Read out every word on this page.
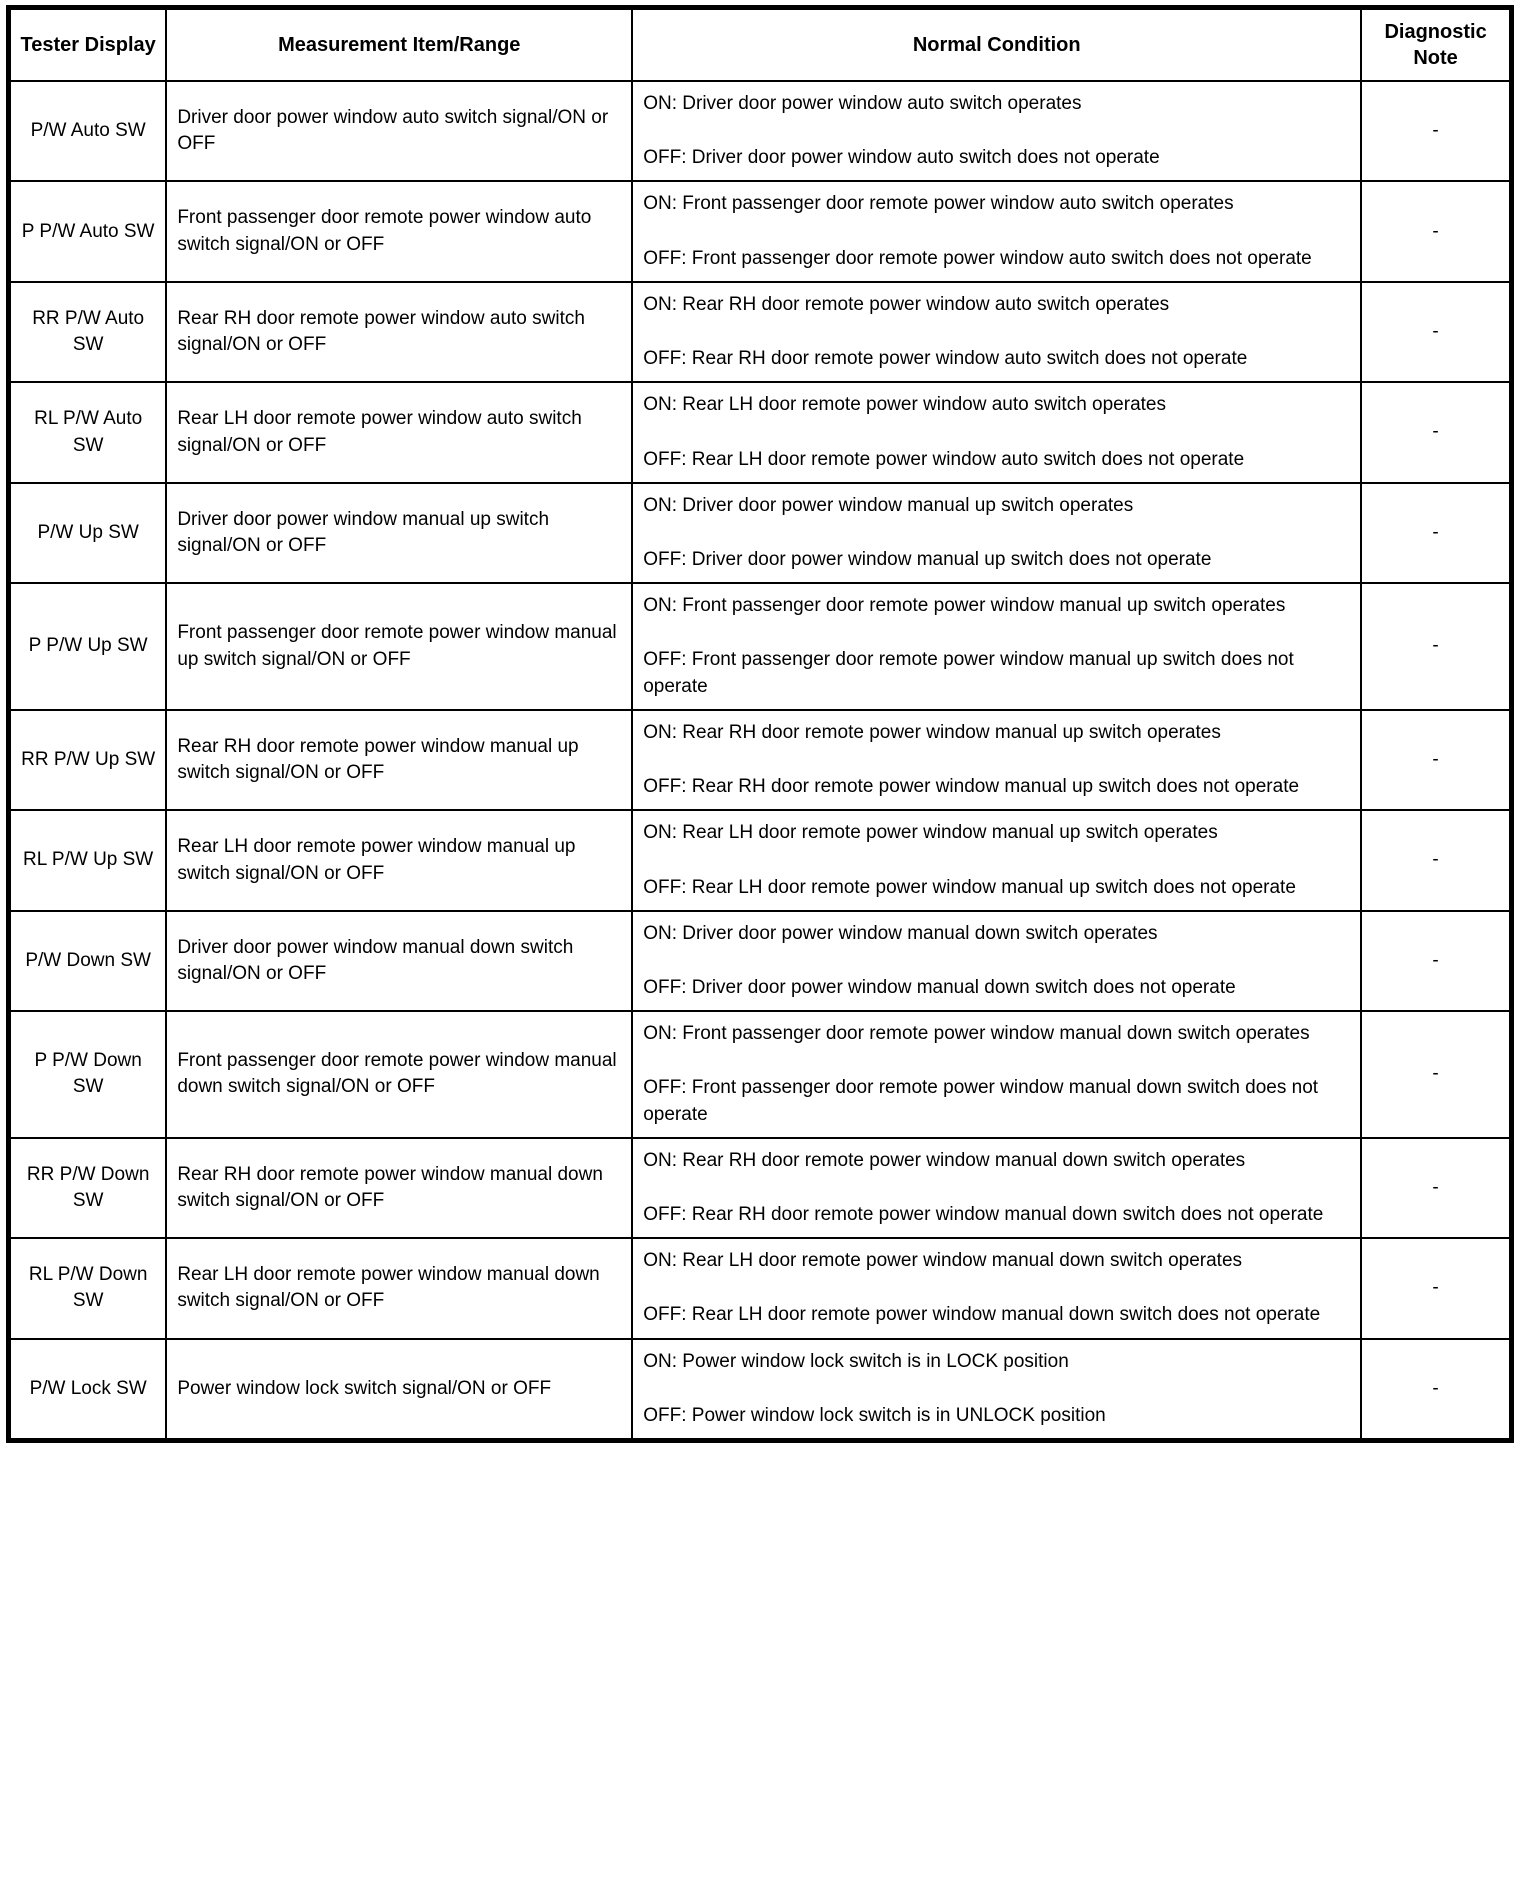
Tester Display	Measurement Item/Range	Normal Condition	Diagnostic Note
P/W Auto SW	Driver door power window auto switch signal/ON or OFF	ON: Driver door power window auto switch operates

OFF: Driver door power window auto switch does not operate	-
P P/W Auto SW	Front passenger door remote power window auto switch signal/ON or OFF	ON: Front passenger door remote power window auto switch operates

OFF: Front passenger door remote power window auto switch does not operate	-
RR P/W Auto SW	Rear RH door remote power window auto switch signal/ON or OFF	ON: Rear RH door remote power window auto switch operates

OFF: Rear RH door remote power window auto switch does not operate	-
RL P/W Auto SW	Rear LH door remote power window auto switch signal/ON or OFF	ON: Rear LH door remote power window auto switch operates

OFF: Rear LH door remote power window auto switch does not operate	-
P/W Up SW	Driver door power window manual up switch signal/ON or OFF	ON: Driver door power window manual up switch operates

OFF: Driver door power window manual up switch does not operate	-
P P/W Up SW	Front passenger door remote power window manual up switch signal/ON or OFF	ON: Front passenger door remote power window manual up switch operates

OFF: Front passenger door remote power window manual up switch does not operate	-
RR P/W Up SW	Rear RH door remote power window manual up switch signal/ON or OFF	ON: Rear RH door remote power window manual up switch operates

OFF: Rear RH door remote power window manual up switch does not operate	-
RL P/W Up SW	Rear LH door remote power window manual up switch signal/ON or OFF	ON: Rear LH door remote power window manual up switch operates

OFF: Rear LH door remote power window manual up switch does not operate	-
P/W Down SW	Driver door power window manual down switch signal/ON or OFF	ON: Driver door power window manual down switch operates

OFF: Driver door power window manual down switch does not operate	-
P P/W Down SW	Front passenger door remote power window manual down switch signal/ON or OFF	ON: Front passenger door remote power window manual down switch operates

OFF: Front passenger door remote power window manual down switch does not operate	-
RR P/W Down SW	Rear RH door remote power window manual down switch signal/ON or OFF	ON: Rear RH door remote power window manual down switch operates

OFF: Rear RH door remote power window manual down switch does not operate	-
RL P/W Down SW	Rear LH door remote power window manual down switch signal/ON or OFF	ON: Rear LH door remote power window manual down switch operates

OFF: Rear LH door remote power window manual down switch does not operate	-
P/W Lock SW	Power window lock switch signal/ON or OFF	ON: Power window lock switch is in LOCK position

OFF: Power window lock switch is in UNLOCK position	-
